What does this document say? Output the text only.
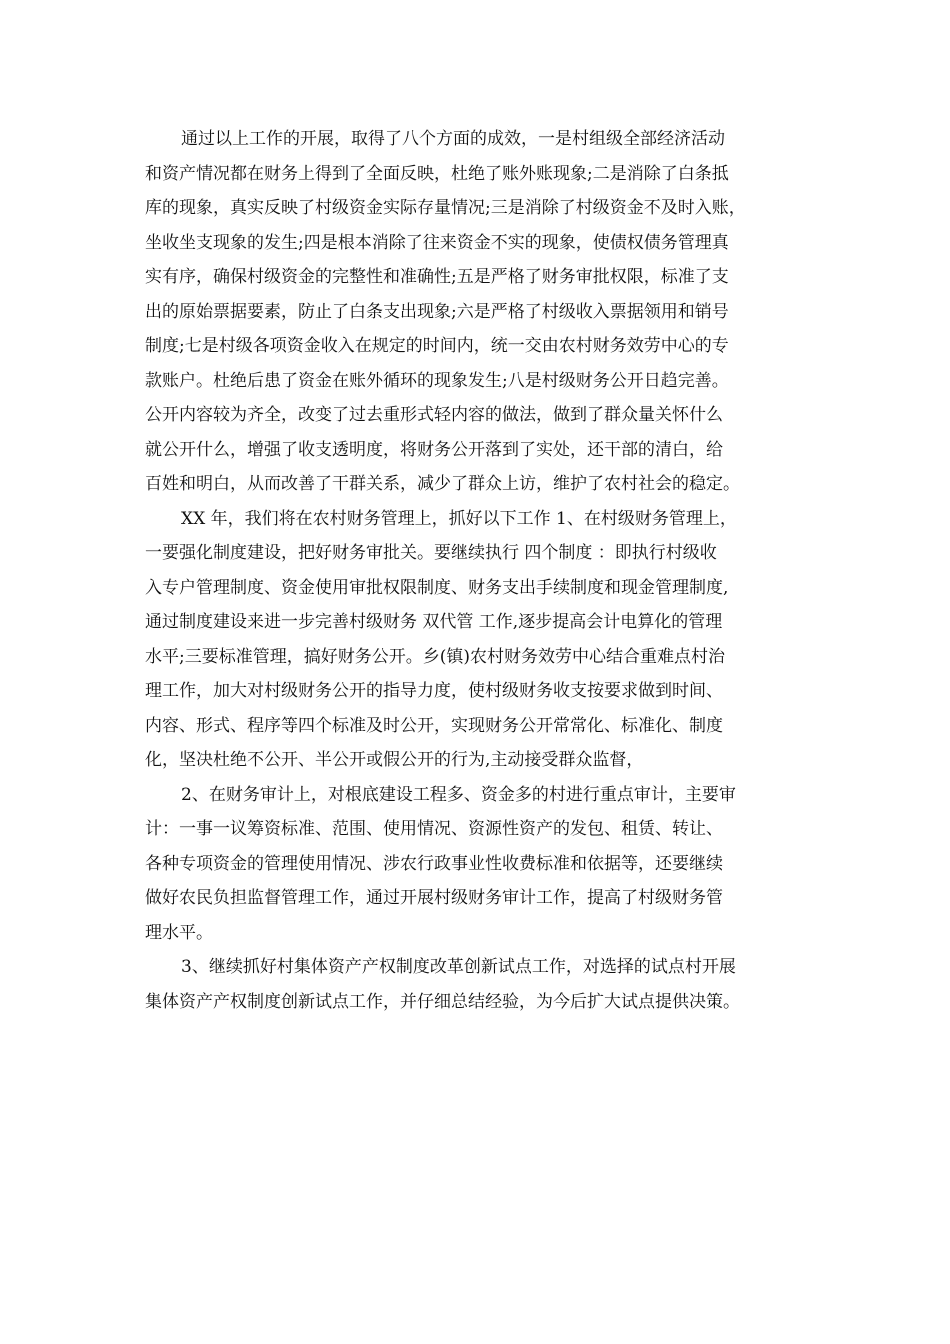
通过以上工作的开展，取得了八个方面的成效，一是村组级全部经济活动
和资产情况都在财务上得到了全面反映，杜绝了账外账现象;二是消除了白条抵
库的现象，真实反映了村级资金实际存量情况;三是消除了村级资金不及时入账，
坐收坐支现象的发生;四是根本消除了往来资金不实的现象，使债权债务管理真
实有序，确保村级资金的完整性和准确性;五是严格了财务审批权限，标准了支
出的原始票据要素，防止了白条支出现象;六是严格了村级收入票据领用和销号
制度;七是村级各项资金收入在规定的时间内，统一交由农村财务效劳中心的专
款账户。杜绝后患了资金在账外循环的现象发生;八是村级财务公开日趋完善。
公开内容较为齐全，改变了过去重形式轻内容的做法，做到了群众量关怀什么
就公开什么，增强了收支透明度，将财务公开落到了实处，还干部的清白，给
百姓和明白，从而改善了干群关系，减少了群众上访，维护了农村社会的稳定。
XX 年，我们将在农村财务管理上，抓好以下工作 1、在村级财务管理上，
一要强化制度建设，把好财务审批关。要继续执行 四个制度 ：即执行村级收
入专户管理制度、资金使用审批权限制度、财务支出手续制度和现金管理制度,
通过制度建设来进一步完善村级财务 双代管 工作,逐步提高会计电算化的管理
水平;三要标准管理，搞好财务公开。乡(镇)农村财务效劳中心结合重难点村治
理工作，加大对村级财务公开的指导力度，使村级财务收支按要求做到时间、
内容、形式、程序等四个标准及时公开，实现财务公开常常化、标准化、制度
化，坚决杜绝不公开、半公开或假公开的行为,主动接受群众监督，
2、在财务审计上，对根底建设工程多、资金多的村进行重点审计，主要审
计：一事一议筹资标准、范围、使用情况、资源性资产的发包、租赁、转让、
各种专项资金的管理使用情况、涉农行政事业性收费标准和依据等，还要继续
做好农民负担监督管理工作，通过开展村级财务审计工作，提高了村级财务管
理水平。
3、继续抓好村集体资产产权制度改革创新试点工作，对选择的试点村开展
集体资产产权制度创新试点工作，并仔细总结经验，为今后扩大试点提供决策。
